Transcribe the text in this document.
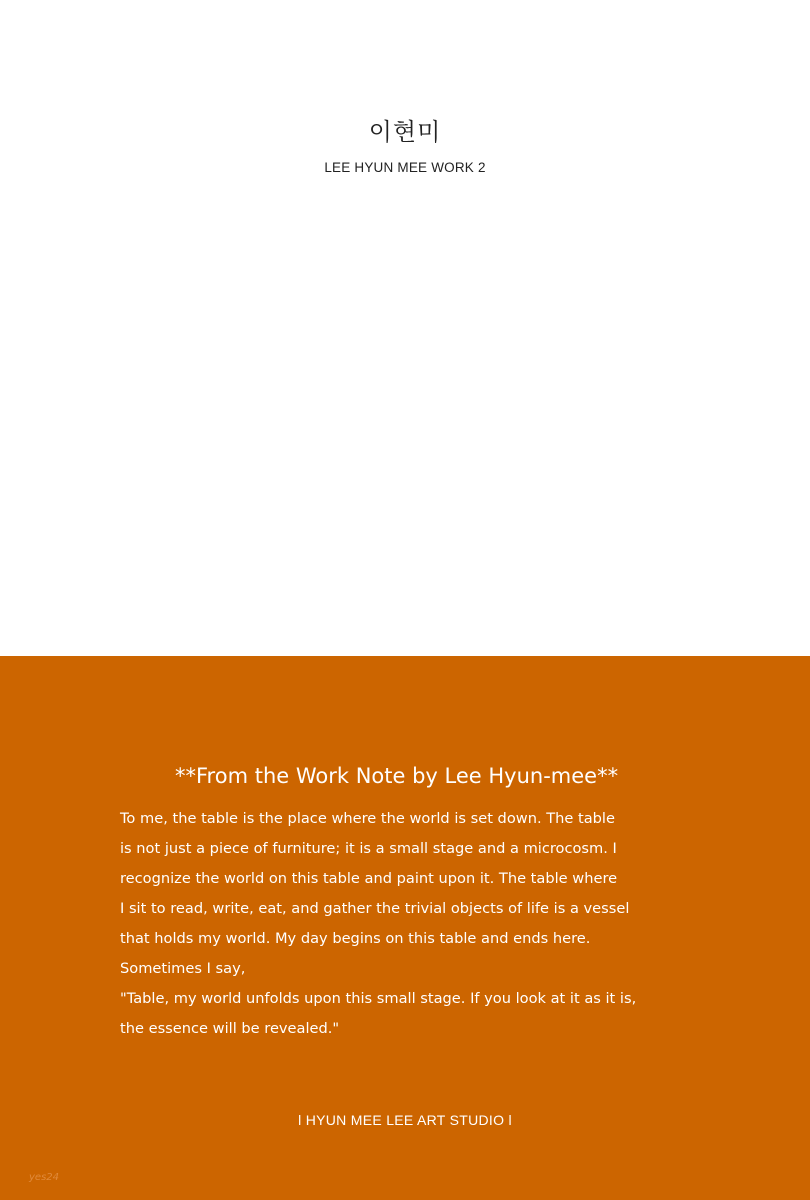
이현미
LEE HYUN MEE WORK 2
**From the Work Note by Lee Hyun-mee**

To me, the table is the place where the world is set down. The table
is not just a piece of furniture; it is a small stage and a microcosm. I
recognize the world on this table and paint upon it. The table where
I sit to read, write, eat, and gather the trivial objects of life is a vessel
that holds my world. My day begins on this table and ends here.
Sometimes I say,
"Table, my world unfolds upon this small stage. If you look at it as it is,
the essence will be revealed."

l HYUN MEE LEE ART STUDIO l
yes24
